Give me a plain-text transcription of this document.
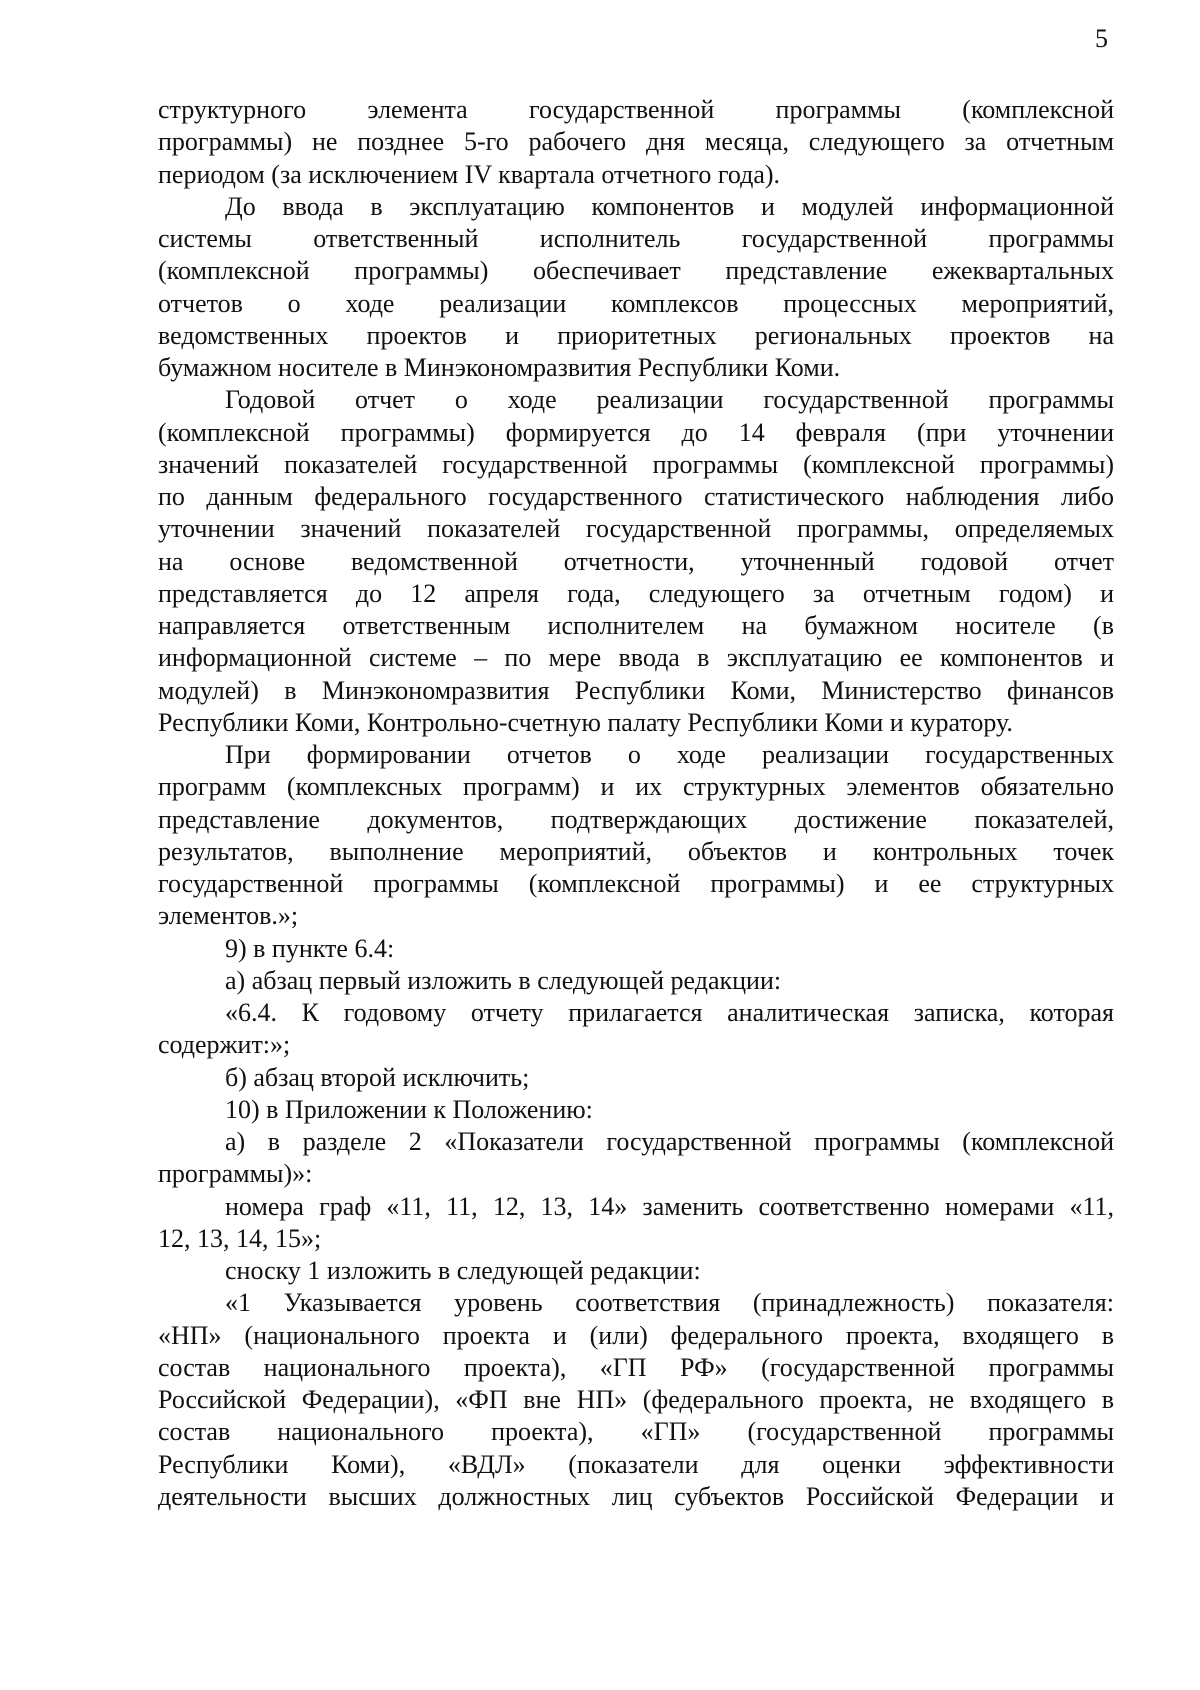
5
структурного элемента государственной программы (комплексной
программы) не позднее 5-го рабочего дня месяца, следующего за отчетным
периодом (за исключением IV квартала отчетного года).
До ввода в эксплуатацию компонентов и модулей информационной
системы ответственный исполнитель государственной программы
(комплексной программы) обеспечивает представление ежеквартальных
отчетов о ходе реализации комплексов процессных мероприятий,
ведомственных проектов и приоритетных региональных проектов на
бумажном носителе в Минэкономразвития Республики Коми.
Годовой отчет о ходе реализации государственной программы
(комплексной программы) формируется до 14 февраля (при уточнении
значений показателей государственной программы (комплексной программы)
по данным федерального государственного статистического наблюдения либо
уточнении значений показателей государственной программы, определяемых
на основе ведомственной отчетности, уточненный годовой отчет
представляется до 12 апреля года, следующего за отчетным годом) и
направляется ответственным исполнителем на бумажном носителе (в
информационной системе – по мере ввода в эксплуатацию ее компонентов и
модулей) в Минэкономразвития Республики Коми, Министерство финансов
Республики Коми, Контрольно-счетную палату Республики Коми и куратору.
При формировании отчетов о ходе реализации государственных
программ (комплексных программ) и их структурных элементов обязательно
представление документов, подтверждающих достижение показателей,
результатов, выполнение мероприятий, объектов и контрольных точек
государственной программы (комплексной программы) и ее структурных
элементов.»;
9) в пункте 6.4:
а) абзац первый изложить в следующей редакции:
«6.4. К годовому отчету прилагается аналитическая записка, которая
содержит:»;
б) абзац второй исключить;
10) в Приложении к Положению:
а) в разделе 2 «Показатели государственной программы (комплексной
программы)»:
номера граф «11, 11, 12, 13, 14» заменить соответственно номерами «11,
12, 13, 14, 15»;
сноску 1 изложить в следующей редакции:
«1 Указывается уровень соответствия (принадлежность) показателя:
«НП» (национального проекта и (или) федерального проекта, входящего в
состав национального проекта), «ГП РФ» (государственной программы
Российской Федерации), «ФП вне НП» (федерального проекта, не входящего в
состав национального проекта), «ГП» (государственной программы
Республики Коми), «ВДЛ» (показатели для оценки эффективности
деятельности высших должностных лиц субъектов Российской Федерации и
